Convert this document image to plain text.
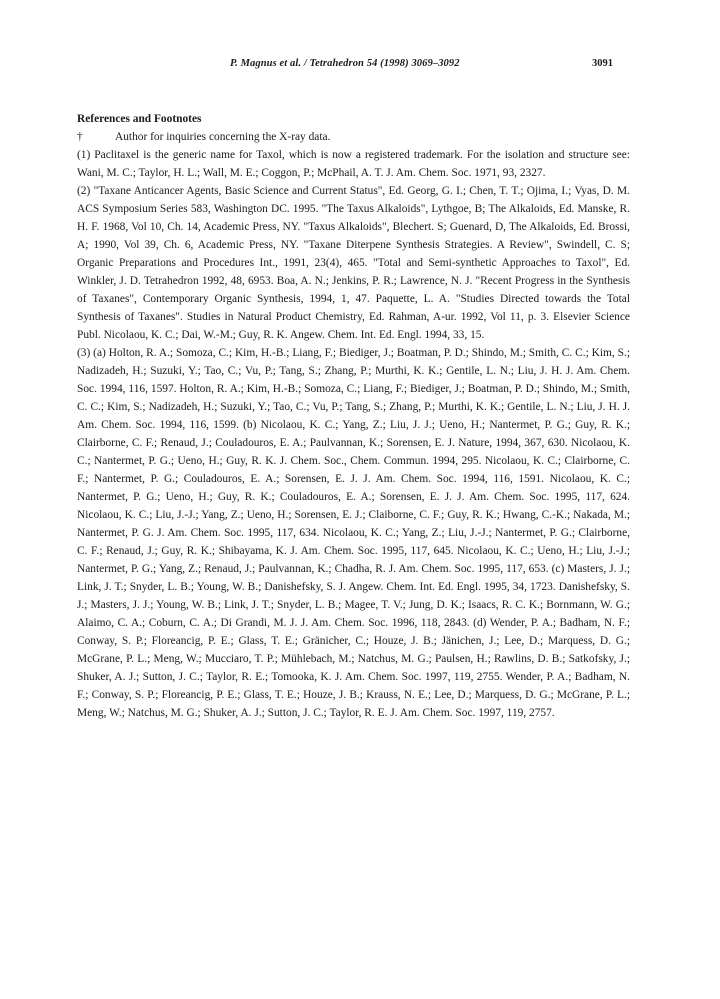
P. Magnus et al. / Tetrahedron 54 (1998) 3069–3092	3091

References and Footnotes

†	Author for inquiries concerning the X-ray data.

(1) Paclitaxel is the generic name for Taxol, which is now a registered trademark. For the isolation and structure see: Wani, M. C.; Taylor, H. L.; Wall, M. E.; Coggon, P.; McPhail, A. T. J. Am. Chem. Soc. 1971, 93, 2327.

(2) "Taxane Anticancer Agents, Basic Science and Current Status", Ed. Georg, G. I.; Chen, T. T.; Ojima, I.; Vyas, D. M. ACS Symposium Series 583, Washington DC. 1995. "The Taxus Alkaloids", Lythgoe, B; The Alkaloids, Ed. Manske, R. H. F. 1968, Vol 10, Ch. 14, Academic Press, NY. "Taxus Alkaloids", Blechert. S; Guenard, D, The Alkaloids, Ed. Brossi, A; 1990, Vol 39, Ch. 6, Academic Press, NY. "Taxane Diterpene Synthesis Strategies. A Review", Swindell, C. S; Organic Preparations and Procedures Int., 1991, 23(4), 465. "Total and Semi-synthetic Approaches to Taxol", Ed. Winkler, J. D. Tetrahedron 1992, 48, 6953. Boa, A. N.; Jenkins, P. R.; Lawrence, N. J. "Recent Progress in the Synthesis of Taxanes", Contemporary Organic Synthesis, 1994, 1, 47. Paquette, L. A. "Studies Directed towards the Total Synthesis of Taxanes". Studies in Natural Product Chemistry, Ed. Rahman, A-ur. 1992, Vol 11, p. 3. Elsevier Science Publ. Nicolaou, K. C.; Dai, W.-M.; Guy, R. K. Angew. Chem. Int. Ed. Engl. 1994, 33, 15.

(3) (a) Holton, R. A.; Somoza, C.; Kim, H.-B.; Liang, F.; Biediger, J.; Boatman, P. D.; Shindo, M.; Smith, C. C.; Kim, S.; Nadizadeh, H.; Suzuki, Y.; Tao, C.; Vu, P.; Tang, S.; Zhang, P.; Murthi, K. K.; Gentile, L. N.; Liu, J. H. J. Am. Chem. Soc. 1994, 116, 1597. Holton, R. A.; Kim, H.-B.; Somoza, C.; Liang, F.; Biediger, J.; Boatman, P. D.; Shindo, M.; Smith, C. C.; Kim, S.; Nadizadeh, H.; Suzuki, Y.; Tao, C.; Vu, P.; Tang, S.; Zhang, P.; Murthi, K. K.; Gentile, L. N.; Liu, J. H. J. Am. Chem. Soc. 1994, 116, 1599. (b) Nicolaou, K. C.; Yang, Z.; Liu, J. J.; Ueno, H.; Nantermet, P. G.; Guy, R. K.; Clairborne, C. F.; Renaud, J.; Couladouros, E. A.; Paulvannan, K.; Sorensen, E. J. Nature, 1994, 367, 630. Nicolaou, K. C.; Nantermet, P. G.; Ueno, H.; Guy, R. K. J. Chem. Soc., Chem. Commun. 1994, 295. Nicolaou, K. C.; Clairborne, C. F.; Nantermet, P. G.; Couladouros, E. A.; Sorensen, E. J. J. Am. Chem. Soc. 1994, 116, 1591. Nicolaou, K. C.; Nantermet, P. G.; Ueno, H.; Guy, R. K.; Couladouros, E. A.; Sorensen, E. J. J. Am. Chem. Soc. 1995, 117, 624. Nicolaou, K. C.; Liu, J.-J.; Yang, Z.; Ueno, H.; Sorensen, E. J.; Claiborne, C. F.; Guy, R. K.; Hwang, C.-K.; Nakada, M.; Nantermet, P. G. J. Am. Chem. Soc. 1995, 117, 634. Nicolaou, K. C.; Yang, Z.; Liu, J.-J.; Nantermet, P. G.; Clairborne, C. F.; Renaud, J.; Guy, R. K.; Shibayama, K. J. Am. Chem. Soc. 1995, 117, 645. Nicolaou, K. C.; Ueno, H.; Liu, J.-J.; Nantermet, P. G.; Yang, Z.; Renaud, J.; Paulvannan, K.; Chadha, R. J. Am. Chem. Soc. 1995, 117, 653. (c) Masters, J. J.; Link, J. T.; Snyder, L. B.; Young, W. B.; Danishefsky, S. J. Angew. Chem. Int. Ed. Engl. 1995, 34, 1723. Danishefsky, S. J.; Masters, J. J.; Young, W. B.; Link, J. T.; Snyder, L. B.; Magee, T. V.; Jung, D. K.; Isaacs, R. C. K.; Bornmann, W. G.; Alaimo, C. A.; Coburn, C. A.; Di Grandi, M. J. J. Am. Chem. Soc. 1996, 118, 2843. (d) Wender, P. A.; Badham, N. F.; Conway, S. P.; Floreancig, P. E.; Glass, T. E.; Gränicher, C.; Houze, J. B.; Jänichen, J.; Lee, D.; Marquess, D. G.; McGrane, P. L.; Meng, W.; Mucciaro, T. P.; Mühlebach, M.; Natchus, M. G.; Paulsen, H.; Rawlins, D. B.; Satkofsky, J.; Shuker, A. J.; Sutton, J. C.; Taylor, R. E.; Tomooka, K. J. Am. Chem. Soc. 1997, 119, 2755. Wender, P. A.; Badham, N. F.; Conway, S. P.; Floreancig, P. E.; Glass, T. E.; Houze, J. B.; Krauss, N. E.; Lee, D.; Marquess, D. G.; McGrane, P. L.; Meng, W.; Natchus, M. G.; Shuker, A. J.; Sutton, J. C.; Taylor, R. E. J. Am. Chem. Soc. 1997, 119, 2757.
